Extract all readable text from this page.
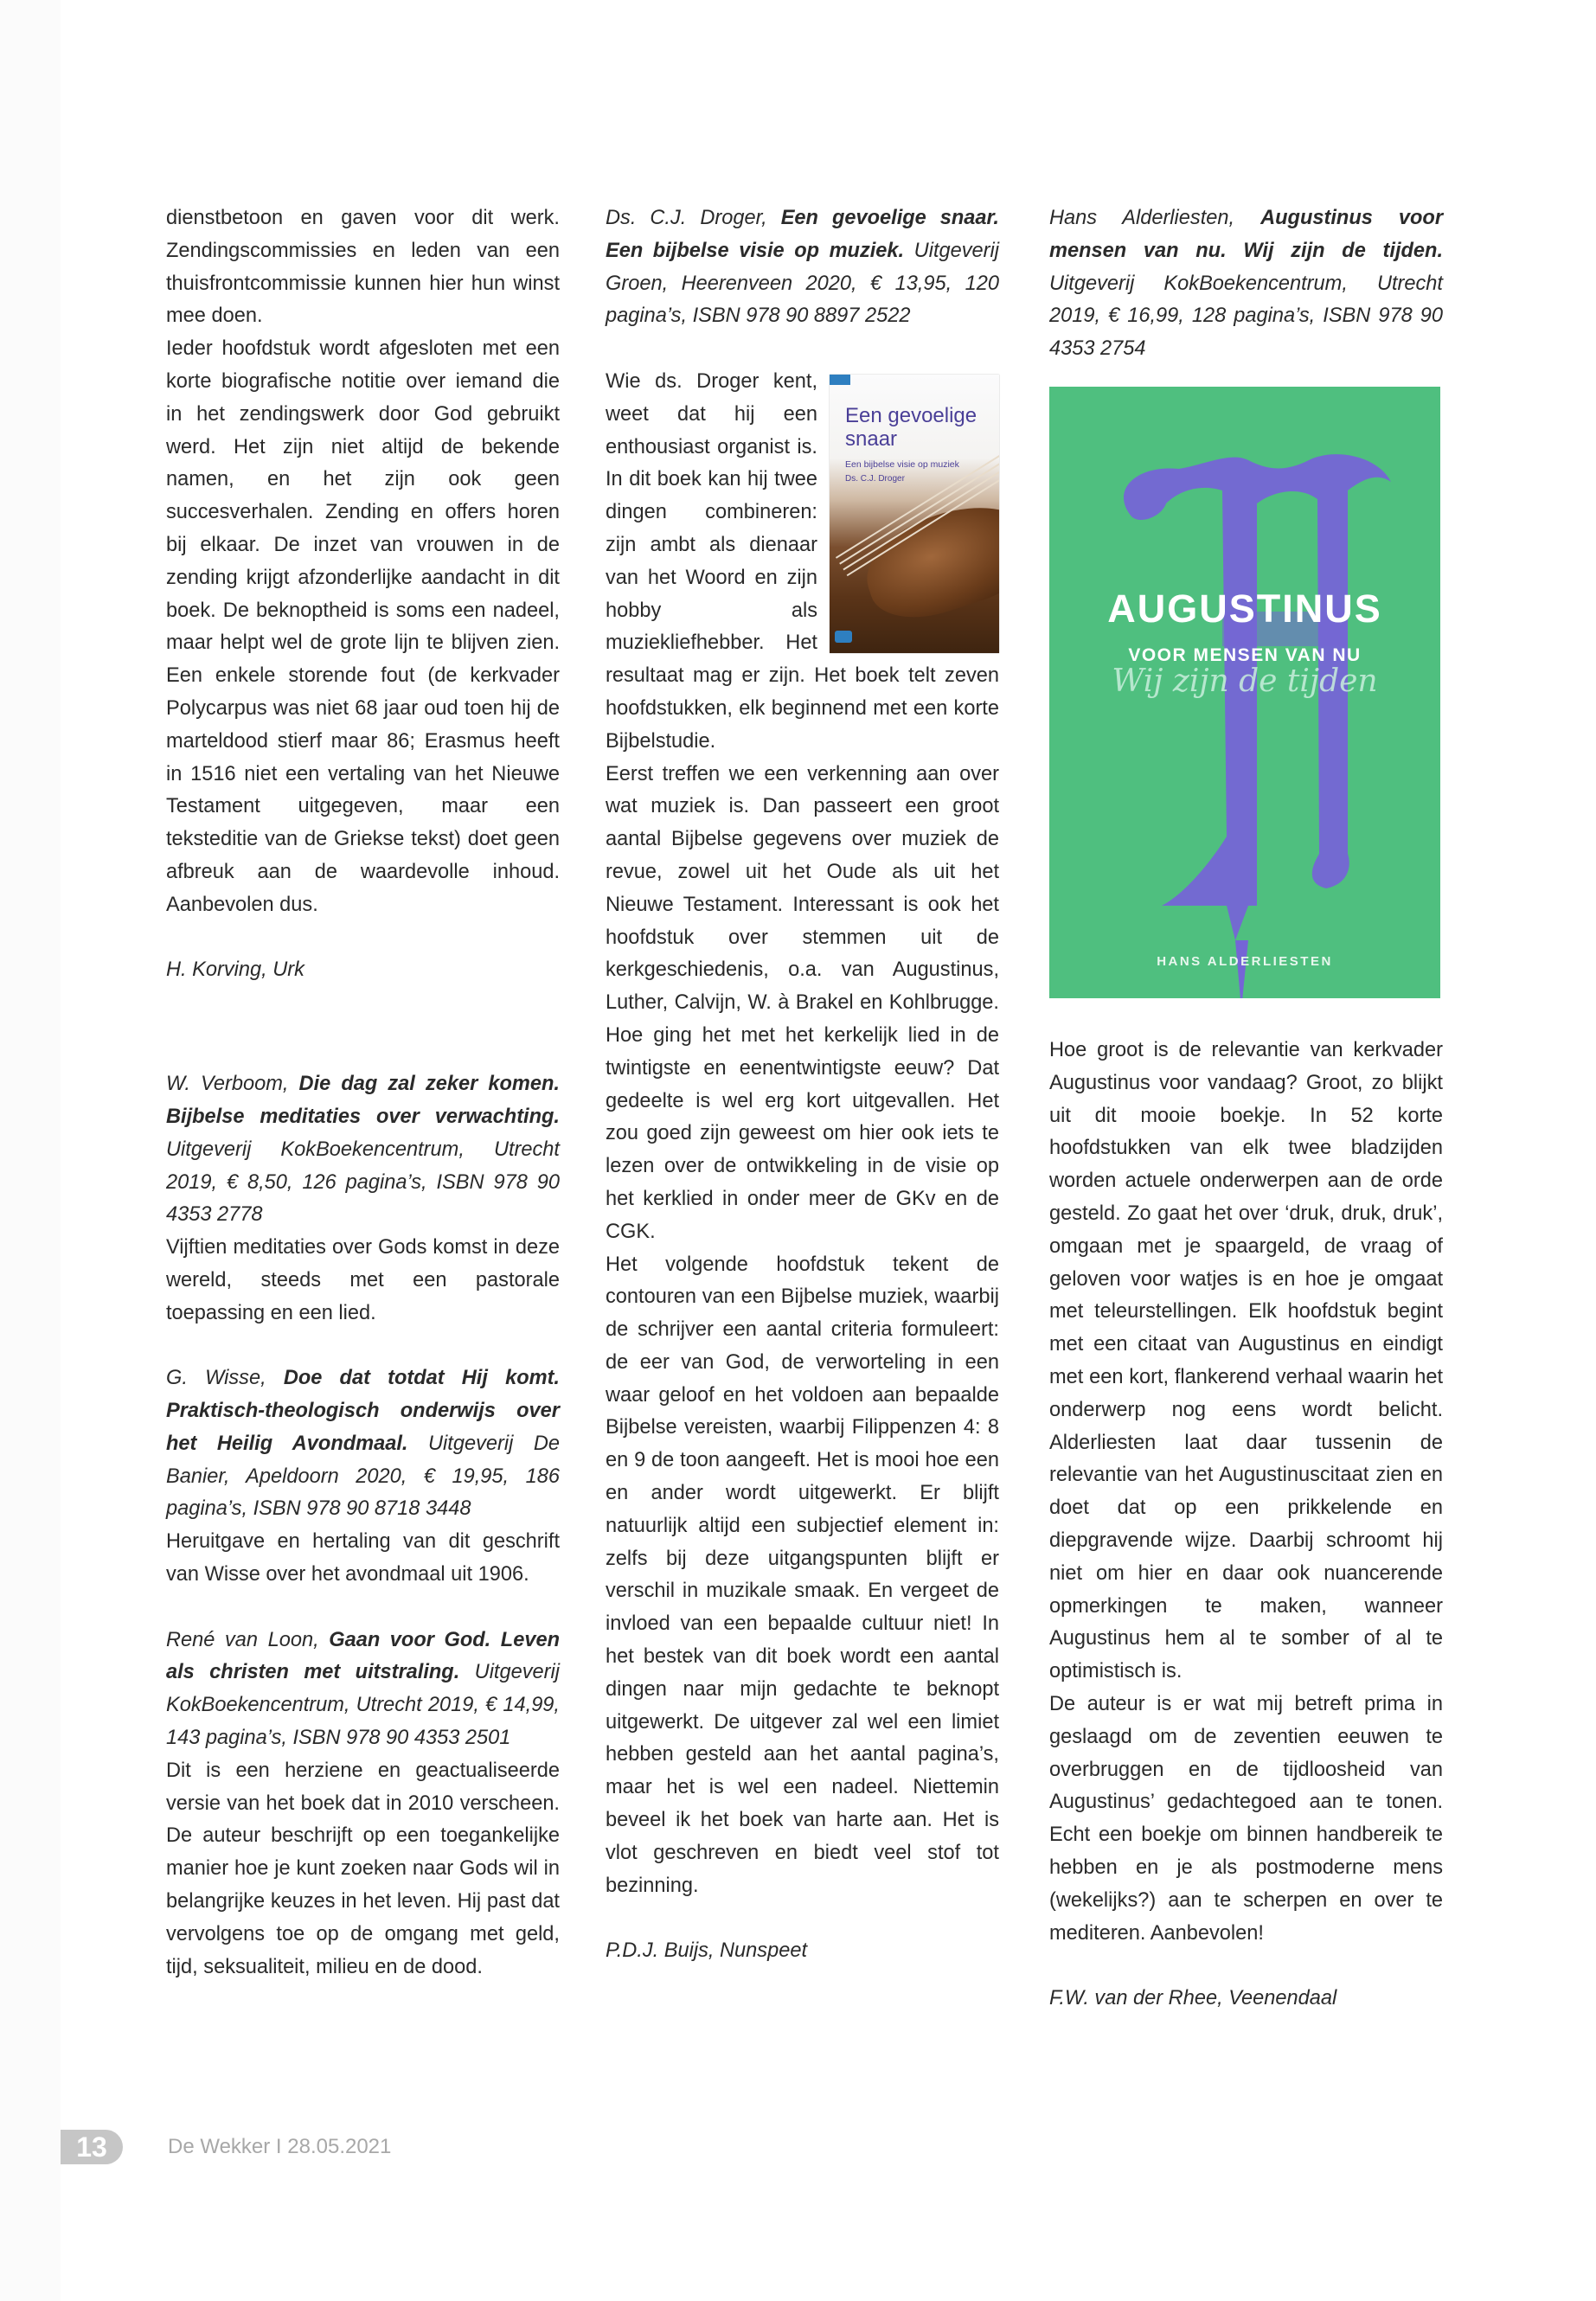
dienstbetoon en gaven voor dit werk. Zendingscommissies en leden van een thuisfrontcommissie kunnen hier hun winst mee doen.

Ieder hoofdstuk wordt afgesloten met een korte biografische notitie over iemand die in het zendingswerk door God gebruikt werd. Het zijn niet altijd de bekende namen, en het zijn ook geen succesverhalen. Zending en offers horen bij elkaar. De inzet van vrouwen in de zending krijgt afzonderlijke aandacht in dit boek. De beknoptheid is soms een nadeel, maar helpt wel de grote lijn te blijven zien. Een enkele storende fout (de kerkvader Polycarpus was niet 68 jaar oud toen hij de marteldood stierf maar 86; Erasmus heeft in 1516 niet een vertaling van het Nieuwe Testament uitgegeven, maar een teksteditie van de Griekse tekst) doet geen afbreuk aan de waardevolle inhoud. Aanbevolen dus.

H. Korving, Urk

W. Verboom, Die dag zal zeker komen. Bijbelse meditaties over verwachting. Uitgeverij KokBoekencentrum, Utrecht 2019, € 8,50, 126 pagina’s, ISBN 978 90 4353 2778

Vijftien meditaties over Gods komst in deze wereld, steeds met een pastorale toepassing en een lied.

G. Wisse, Doe dat totdat Hij komt. Praktisch-theologisch onderwijs over het Heilig Avondmaal. Uitgeverij De Banier, Apeldoorn 2020, € 19,95, 186 pagina’s, ISBN 978 90 8718 3448

Heruitgave en hertaling van dit geschrift van Wisse over het avondmaal uit 1906.

René van Loon, Gaan voor God. Leven als christen met uitstraling. Uitgeverij KokBoekencentrum, Utrecht 2019, € 14,99, 143 pagina’s, ISBN 978 90 4353 2501

Dit is een herziene en geactualiseerde versie van het boek dat in 2010 verscheen. De auteur beschrijft op een toegankelijke manier hoe je kunt zoeken naar Gods wil in belangrijke keuzes in het leven. Hij past dat vervolgens toe op de omgang met geld, tijd, seksualiteit, milieu en de dood.

Ds. C.J. Droger, Een gevoelige snaar. Een bijbelse visie op muziek. Uitgeverij Groen, Heerenveen 2020, € 13,95, 120 pagina’s, ISBN 978 90 8897 2522

Een gevoelige snaar
Een bijbelse visie op muziek
Ds. C.J. Droger

Wie ds. Droger kent, weet dat hij een enthousiast organist is. In dit boek kan hij twee dingen combineren: zijn ambt als dienaar van het Woord en zijn hobby als muziekliefhebber. Het resultaat mag er zijn. Het boek telt zeven hoofdstukken, elk beginnend met een korte Bijbelstudie.

Eerst treffen we een verkenning aan over wat muziek is. Dan passeert een groot aantal Bijbelse gegevens over muziek de revue, zowel uit het Oude als uit het Nieuwe Testament. Interessant is ook het hoofdstuk over stemmen uit de kerkgeschiedenis, o.a. van Augustinus, Luther, Calvijn, W. à Brakel en Kohlbrugge. Hoe ging het met het kerkelijk lied in de twintigste en eenentwintigste eeuw? Dat gedeelte is wel erg kort uitgevallen. Het zou goed zijn geweest om hier ook iets te lezen over de ontwikkeling in de visie op het kerklied in onder meer de GKv en de CGK.

Het volgende hoofdstuk tekent de contouren van een Bijbelse muziek, waarbij de schrijver een aantal criteria formuleert: de eer van God, de verworteling in een waar geloof en het voldoen aan bepaalde Bijbelse vereisten, waarbij Filippenzen 4: 8 en 9 de toon aangeeft. Het is mooi hoe een en ander wordt uitgewerkt. Er blijft natuurlijk altijd een subjectief element in: zelfs bij deze uitgangspunten blijft er verschil in muzikale smaak. En vergeet de invloed van een bepaalde cultuur niet! In het bestek van dit boek wordt een aantal dingen naar mijn gedachte te beknopt uitgewerkt. De uitgever zal wel een limiet hebben gesteld aan het aantal pagina’s, maar het is wel een nadeel. Niettemin beveel ik het boek van harte aan. Het is vlot geschreven en biedt veel stof tot bezinning.

P.D.J. Buijs, Nunspeet

Hans Alderliesten, Augustinus voor mensen van nu. Wij zijn de tijden. Uitgeverij KokBoekencentrum, Utrecht 2019, € 16,99, 128 pagina’s, ISBN 978 90 4353 2754

AUGUSTINUS
VOOR MENSEN VAN NU
Wij zijn de tijden
HANS ALDERLIESTEN

Hoe groot is de relevantie van kerkvader Augustinus voor vandaag? Groot, zo blijkt uit dit mooie boekje. In 52 korte hoofdstukken van elk twee bladzijden worden actuele onderwerpen aan de orde gesteld. Zo gaat het over ‘druk, druk, druk’, omgaan met je spaargeld, de vraag of geloven voor watjes is en hoe je omgaat met teleurstellingen. Elk hoofdstuk begint met een citaat van Augustinus en eindigt met een kort, flankerend verhaal waarin het onderwerp nog eens wordt belicht. Alderliesten laat daar tussenin de relevantie van het Augustinuscitaat zien en doet dat op een prikkelende en diepgravende wijze. Daarbij schroomt hij niet om hier en daar ook nuancerende opmerkingen te maken, wanneer Augustinus hem al te somber of al te optimistisch is.

De auteur is er wat mij betreft prima in geslaagd om de zeventien eeuwen te overbruggen en de tijdloosheid van Augustinus’ gedachtegoed aan te tonen. Echt een boekje om binnen handbereik te hebben en je als postmoderne mens (wekelijks?) aan te scherpen en over te mediteren. Aanbevolen!

F.W. van der Rhee, Veenendaal

13	De Wekker I 28.05.2021
